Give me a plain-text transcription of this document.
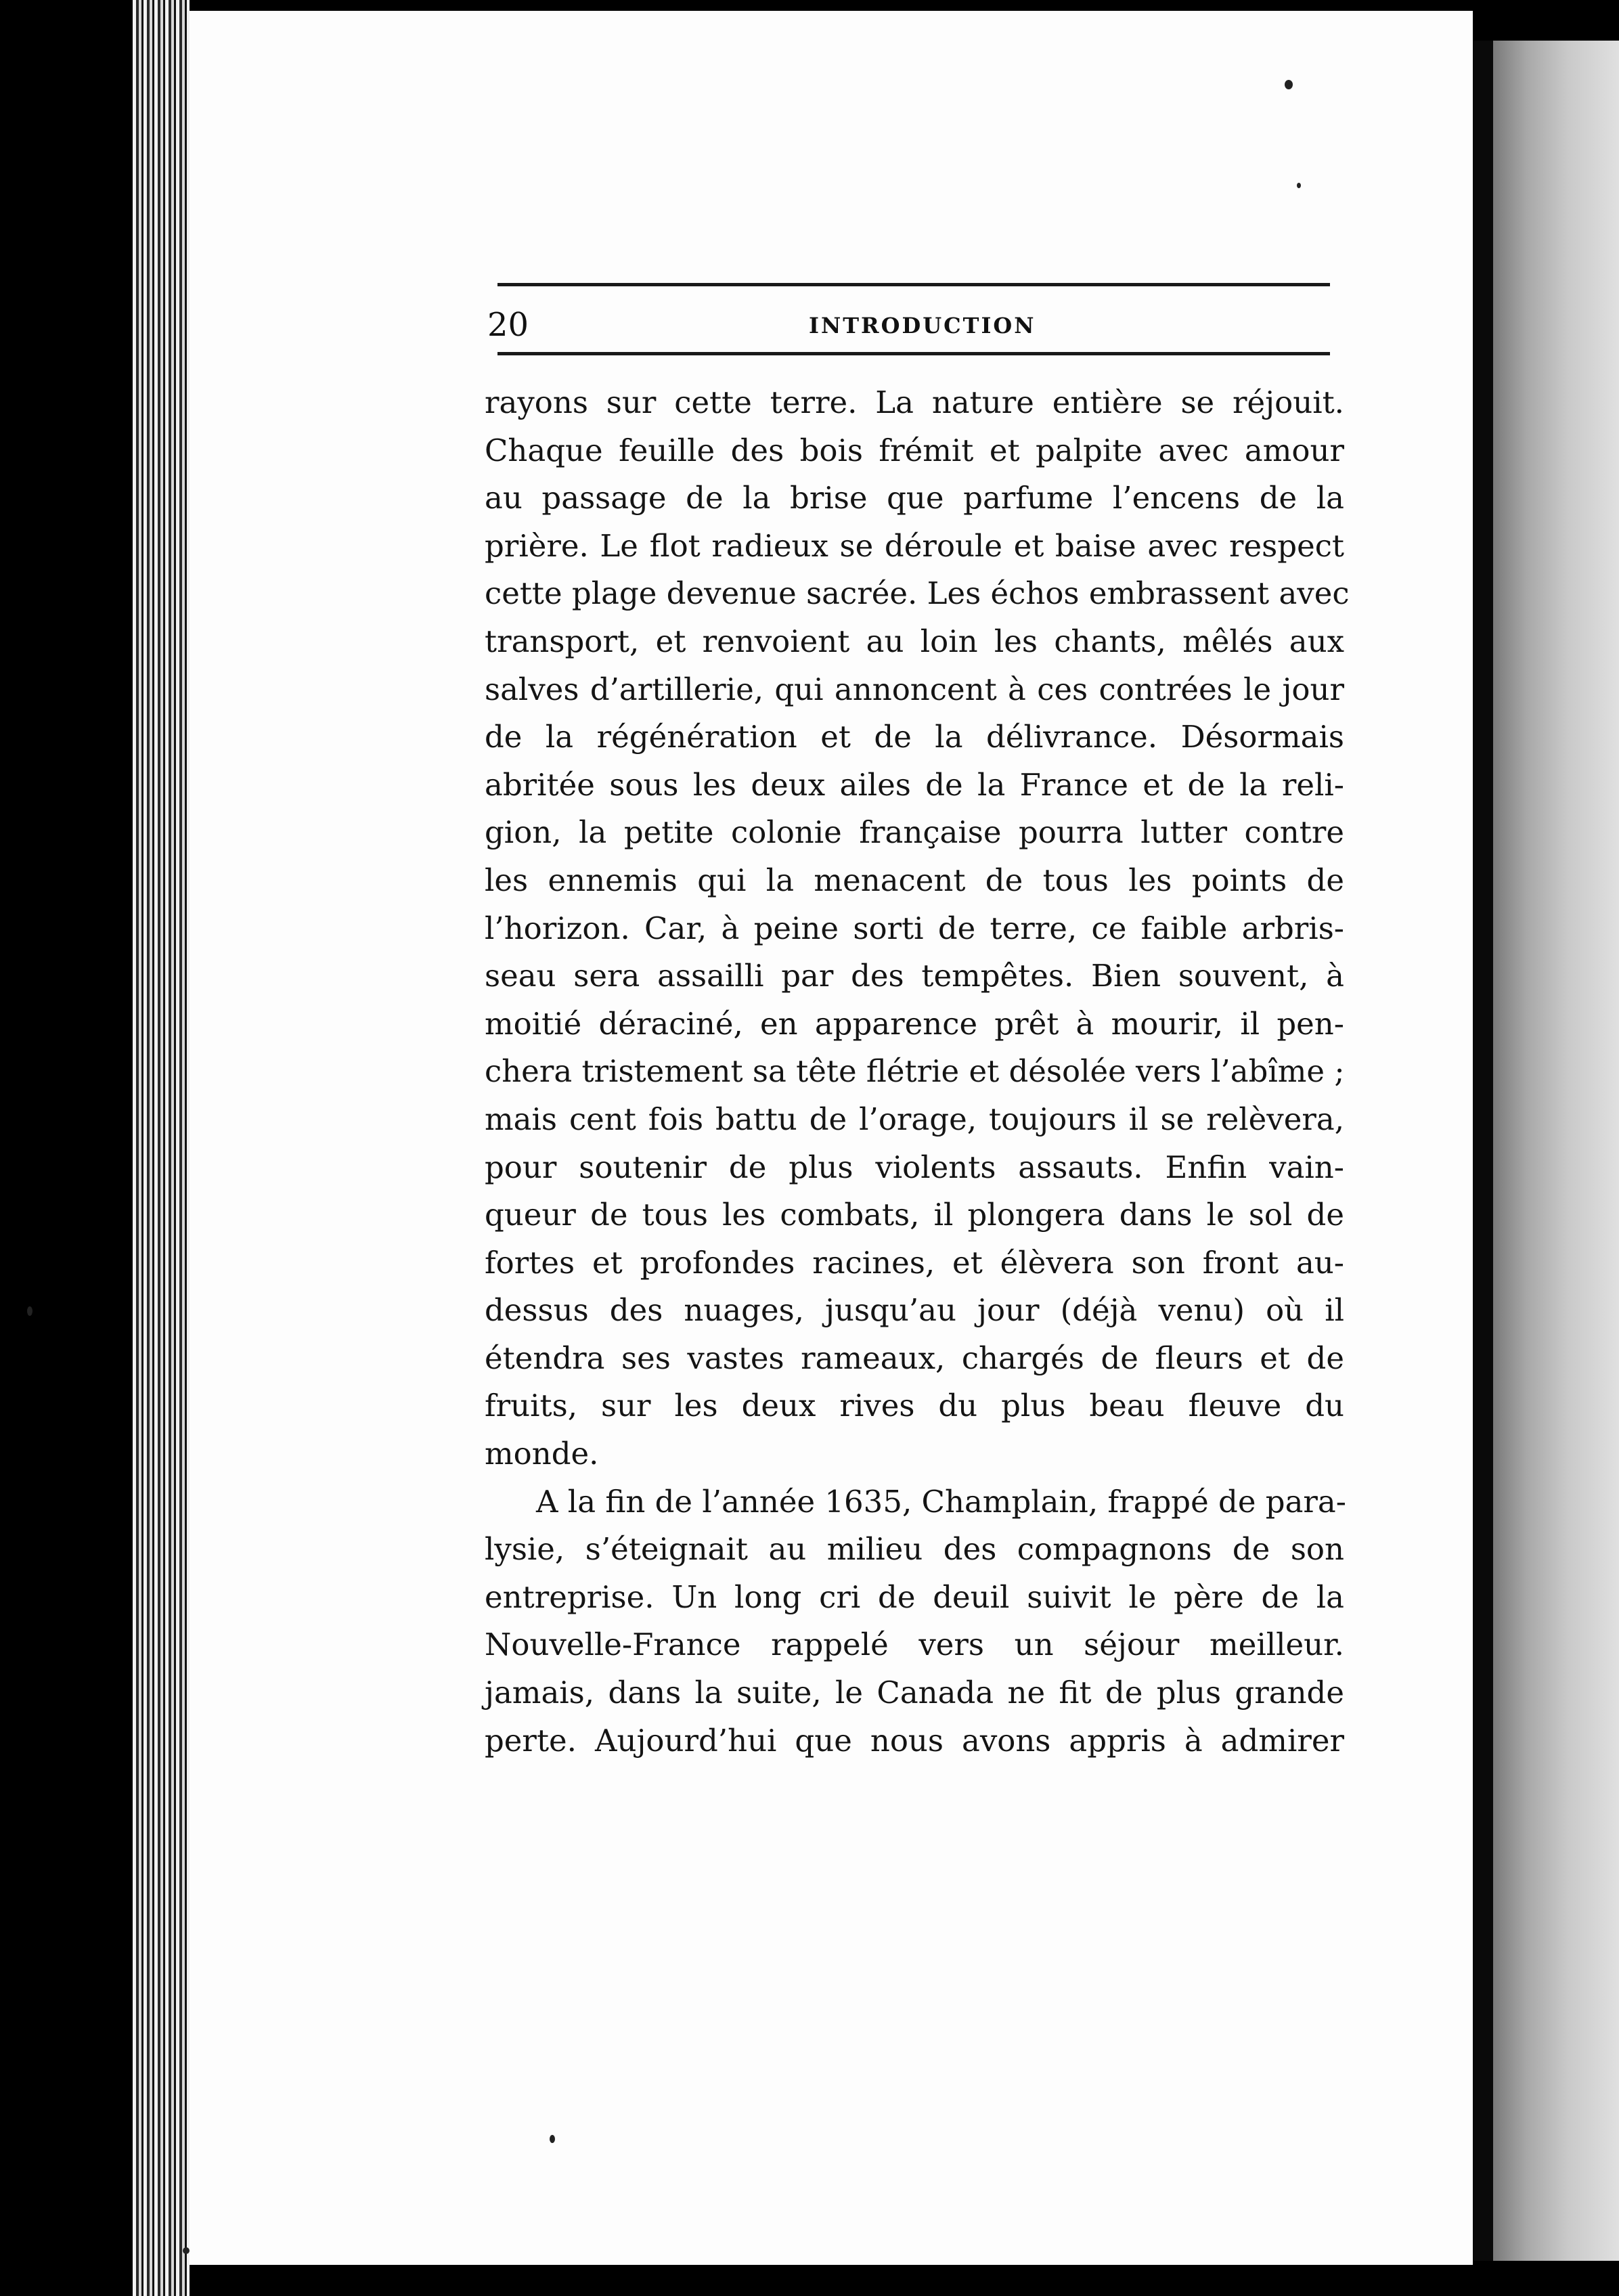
20	INTRODUCTION
rayons sur cette terre. La nature entière se réjouit.
Chaque feuille des bois frémit et palpite avec amour
au passage de la brise que parfume l’encens de la
prière. Le flot radieux se déroule et baise avec respect
cette plage devenue sacrée. Les échos embrassent avec
transport, et renvoient au loin les chants, mêlés aux
salves d’artillerie, qui annoncent à ces contrées le jour
de la régénération et de la délivrance. Désormais
abritée sous les deux ailes de la France et de la reli-
gion, la petite colonie française pourra lutter contre
les ennemis qui la menacent de tous les points de
l’horizon. Car, à peine sorti de terre, ce faible arbris-
seau sera assailli par des tempêtes. Bien souvent, à
moitié déraciné, en apparence prêt à mourir, il pen-
chera tristement sa tête flétrie et désolée vers l’abîme ;
mais cent fois battu de l’orage, toujours il se relèvera,
pour soutenir de plus violents assauts. Enfin vain-
queur de tous les combats, il plongera dans le sol de
fortes et profondes racines, et élèvera son front au-
dessus des nuages, jusqu’au jour (déjà venu) où il
étendra ses vastes rameaux, chargés de fleurs et de
fruits, sur les deux rives du plus beau fleuve du
monde.
A la fin de l’année 1635, Champlain, frappé de para-
lysie, s’éteignait au milieu des compagnons de son
entreprise. Un long cri de deuil suivit le père de la
Nouvelle-France rappelé vers un séjour meilleur.
jamais, dans la suite, le Canada ne fit de plus grande
perte. Aujourd’hui que nous avons appris à admirer
